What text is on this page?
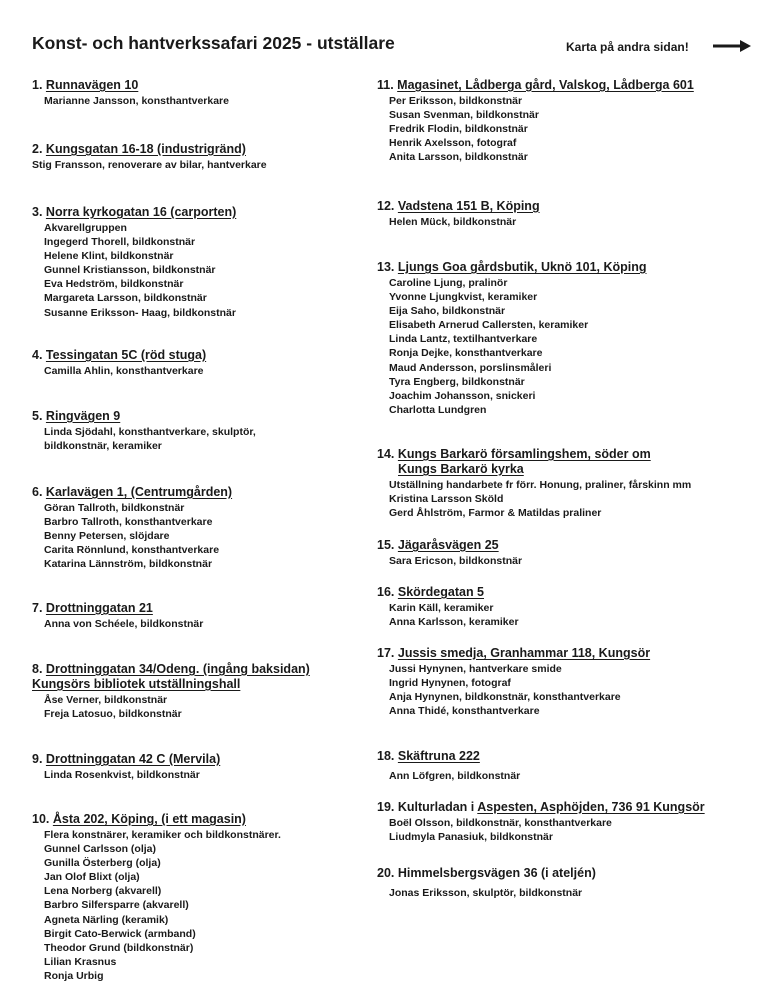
Konst- och hantverkssafari 2025 - utställare	Karta på andra sidan!
1. Runnavägen 10
Marianne Jansson, konsthantverkare
2. Kungsgatan 16-18 (industrigränd)
Stig Fransson, renoverare av bilar, hantverkare
3. Norra kyrkogatan 16 (carporten)
Akvarellgruppen
Ingegerd Thorell, bildkonstnär
Helene Klint, bildkonstnär
Gunnel Kristiansson, bildkonstnär
Eva Hedström, bildkonstnär
Margareta Larsson, bildkonstnär
Susanne Eriksson- Haag, bildkonstnär
4. Tessingatan 5C (röd stuga)
Camilla Ahlin, konsthantverkare
5. Ringvägen 9
Linda Sjödahl, konsthantverkare, skulptör,
bildkonstnär, keramiker
6. Karlavägen 1, (Centrumgården)
Göran Tallroth, bildkonstnär
Barbro Tallroth, konsthantverkare
Benny Petersen, slöjdare
Carita Rönnlund, konsthantverkare
Katarina Lännström, bildkonstnär
7. Drottninggatan 21
Anna von Schéele, bildkonstnär
8. Drottninggatan 34/Odeng. (ingång baksidan)
Kungsörs bibliotek utställningshall
Åse Verner, bildkonstnär
Freja Latosuo, bildkonstnär
9. Drottninggatan 42 C (Mervila)
Linda Rosenkvist, bildkonstnär
10. Åsta 202, Köping, (i ett magasin)
Flera konstnärer, keramiker och bildkonstnärer.
Gunnel Carlsson (olja)
Gunilla Österberg (olja)
Jan Olof Blixt (olja)
Lena Norberg (akvarell)
Barbro Silfersparre (akvarell)
Agneta Närling (keramik)
Birgit Cato-Berwick (armband)
Theodor Grund (bildkonstnär)
Lilian Krasnus
Ronja Urbig
11. Magasinet, Lådberga gård, Valskog, Lådberga 601
Per Eriksson, bildkonstnär
Susan Svenman, bildkonstnär
Fredrik Flodin, bildkonstnär
Henrik Axelsson, fotograf
Anita Larsson, bildkonstnär
12. Vadstena 151 B, Köping
Helen Mück, bildkonstnär
13. Ljungs Goa gårdsbutik, Uknö 101, Köping
Caroline Ljung, pralinör
Yvonne Ljungkvist, keramiker
Eija Saho, bildkonstnär
Elisabeth Arnerud Callersten, keramiker
Linda Lantz, textilhantverkare
Ronja Dejke, konsthantverkare
Maud Andersson, porslinsmåleri
Tyra Engberg, bildkonstnär
Joachim Johansson, snickeri
Charlotta Lundgren
14. Kungs Barkarö församlingshem, söder om
Kungs Barkarö kyrka
Utställning handarbete fr förr. Honung, praliner, fårskinn mm
Kristina Larsson Sköld
Gerd Åhlström, Farmor & Matildas praliner
15. Jägaråsvägen 25
Sara Ericson, bildkonstnär
16. Skördegatan 5
Karin Käll, keramiker
Anna Karlsson, keramiker
17. Jussis smedja, Granhammar 118, Kungsör
Jussi Hynynen, hantverkare smide
Ingrid Hynynen, fotograf
Anja Hynynen, bildkonstnär, konsthantverkare
Anna Thidé, konsthantverkare
18. Skäftruna 222
Ann Löfgren, bildkonstnär
19. Kulturladan i Aspesten, Asphöjden, 736 91 Kungsör
Boël Olsson, bildkonstnär, konsthantverkare
Liudmyla Panasiuk, bildkonstnär
20. Himmelsbergsvägen 36 (i ateljén)
Jonas Eriksson, skulptör, bildkonstnär
